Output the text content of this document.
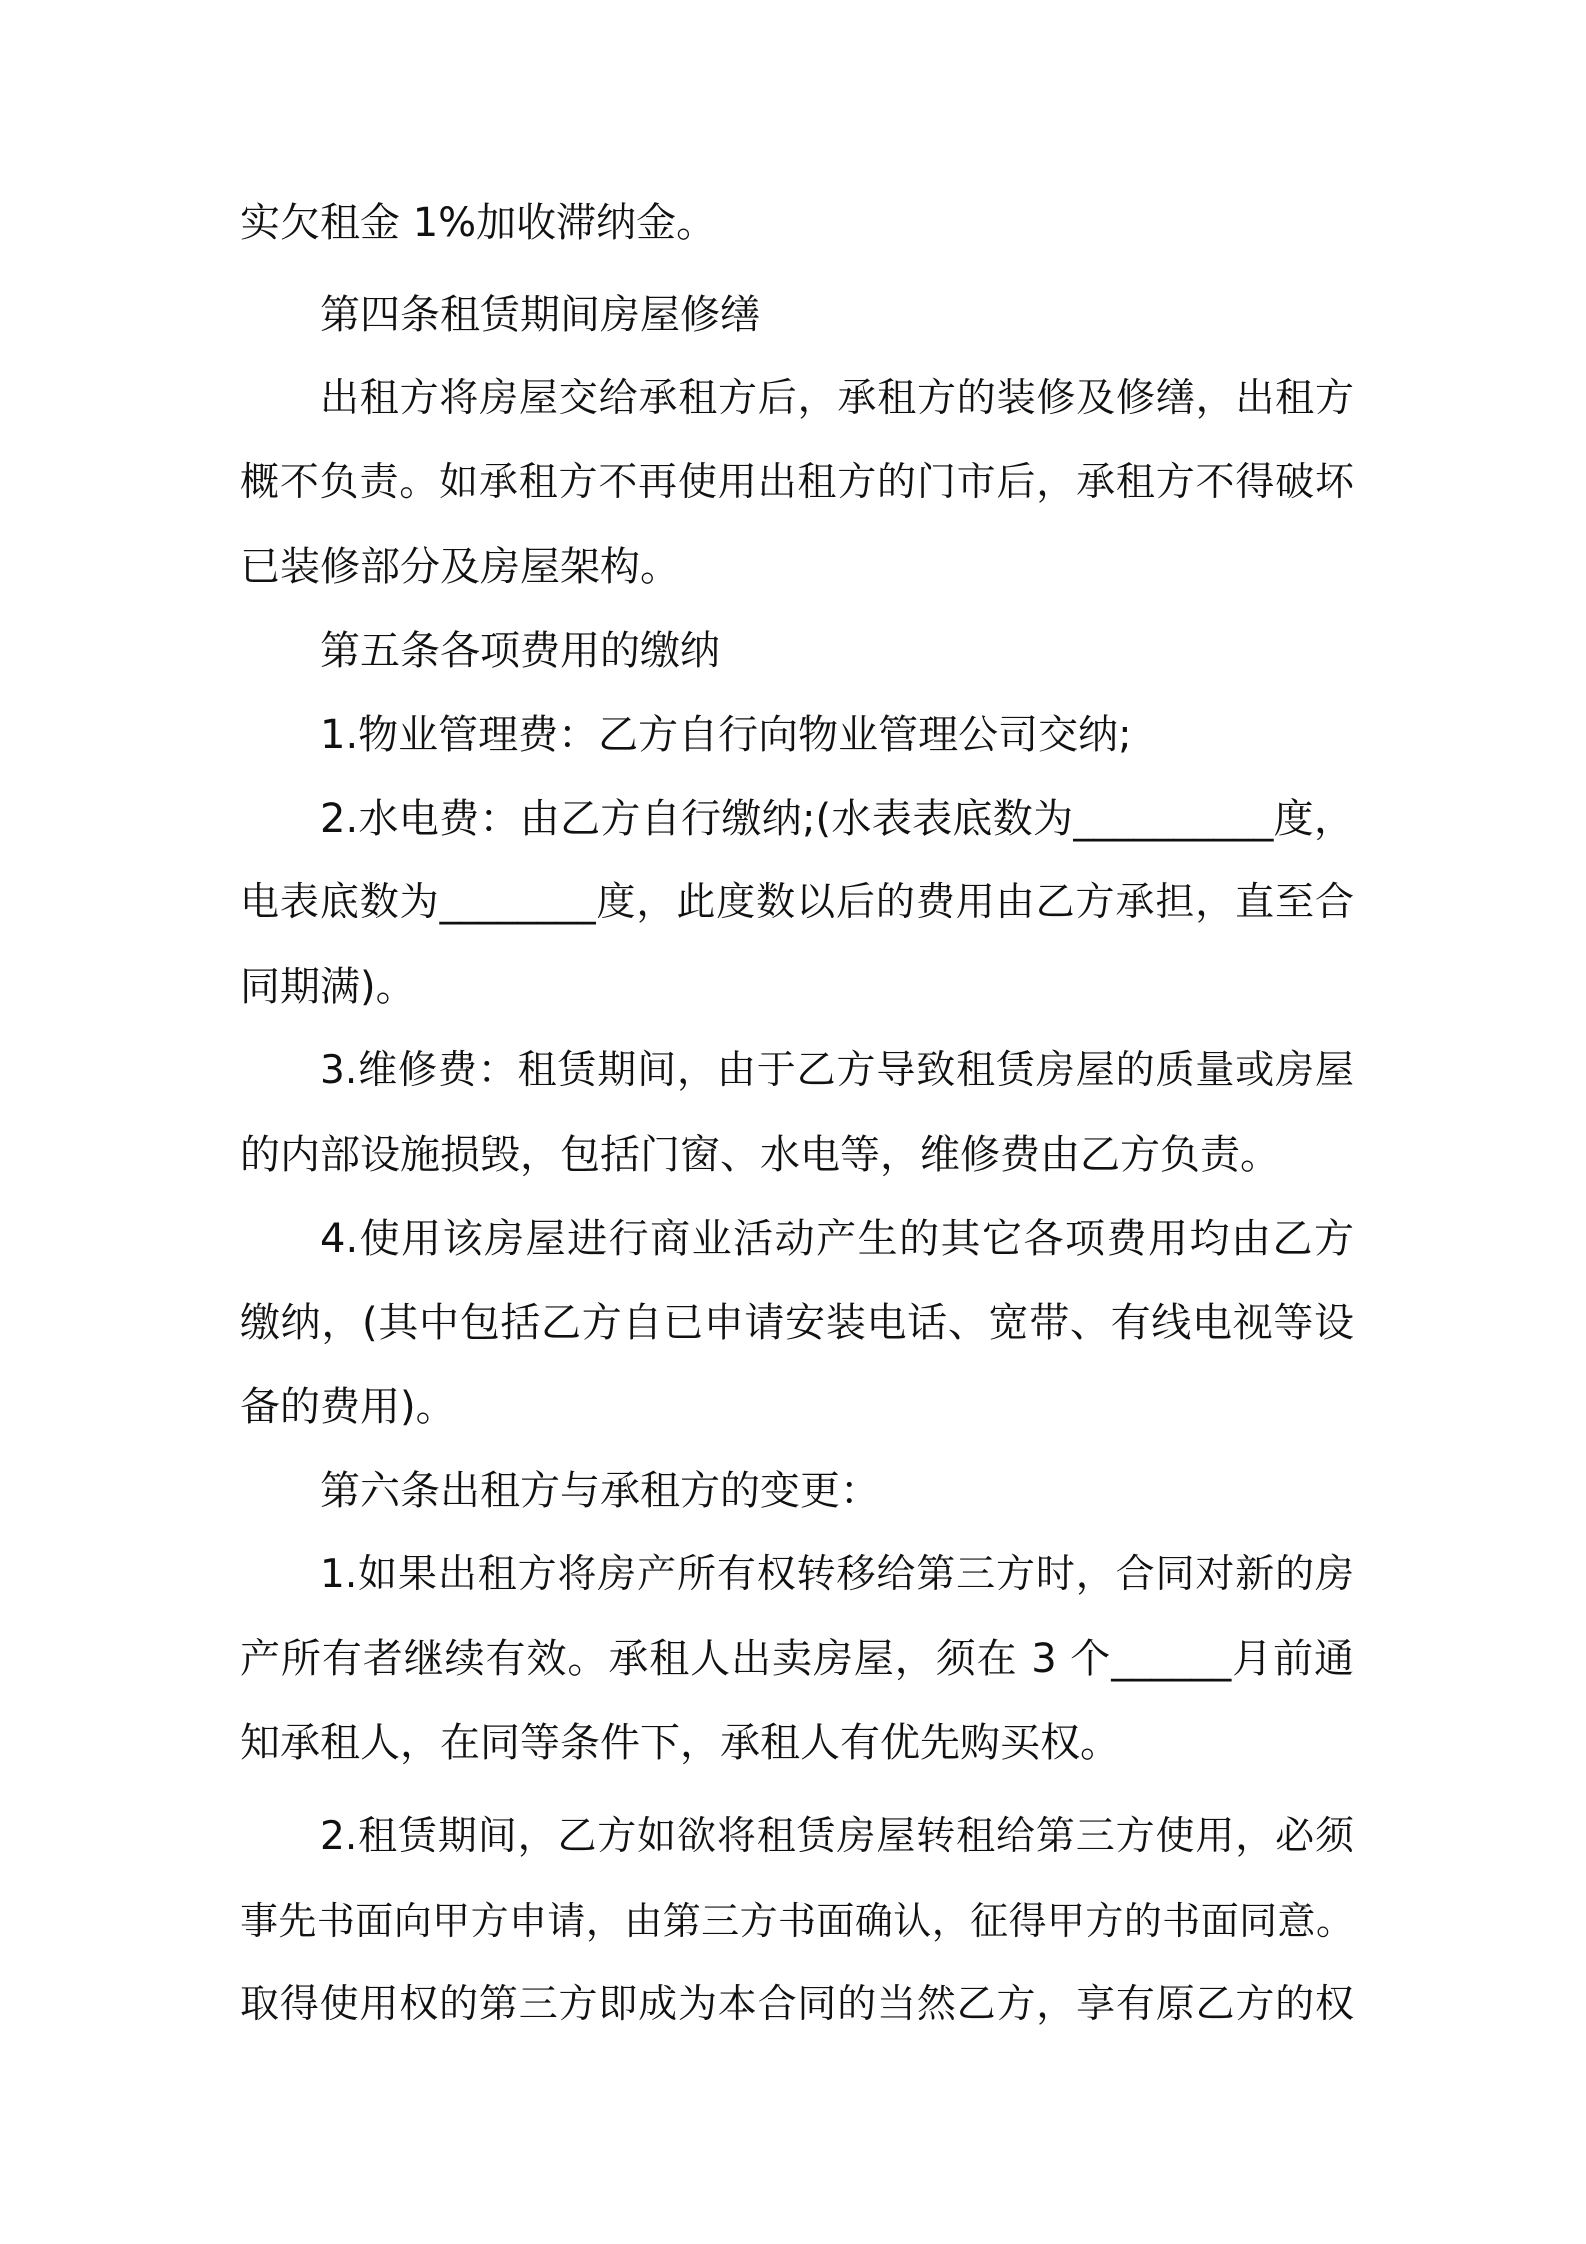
实欠租金 1%加收滞纳金。
第四条租赁期间房屋修缮
出租方将房屋交给承租方后，承租方的装修及修缮，出租方
概不负责。如承租方不再使用出租方的门市后，承租方不得破坏
已装修部分及房屋架构。
第五条各项费用的缴纳
1.物业管理费：乙方自行向物业管理公司交纳;
2.水电费：由乙方自行缴纳;(水表表底数为__________度，
电表底数为________度，此度数以后的费用由乙方承担，直至合
同期满)。
3.维修费：租赁期间，由于乙方导致租赁房屋的质量或房屋
的内部设施损毁，包括门窗、水电等，维修费由乙方负责。
4.使用该房屋进行商业活动产生的其它各项费用均由乙方
缴纳，(其中包括乙方自已申请安装电话、宽带、有线电视等设
备的费用)。
第六条出租方与承租方的变更：
1.如果出租方将房产所有权转移给第三方时，合同对新的房
产所有者继续有效。承租人出卖房屋，须在 3 个______月前通
知承租人，在同等条件下，承租人有优先购买权。
2.租赁期间，乙方如欲将租赁房屋转租给第三方使用，必须
事先书面向甲方申请，由第三方书面确认，征得甲方的书面同意。
取得使用权的第三方即成为本合同的当然乙方，享有原乙方的权
